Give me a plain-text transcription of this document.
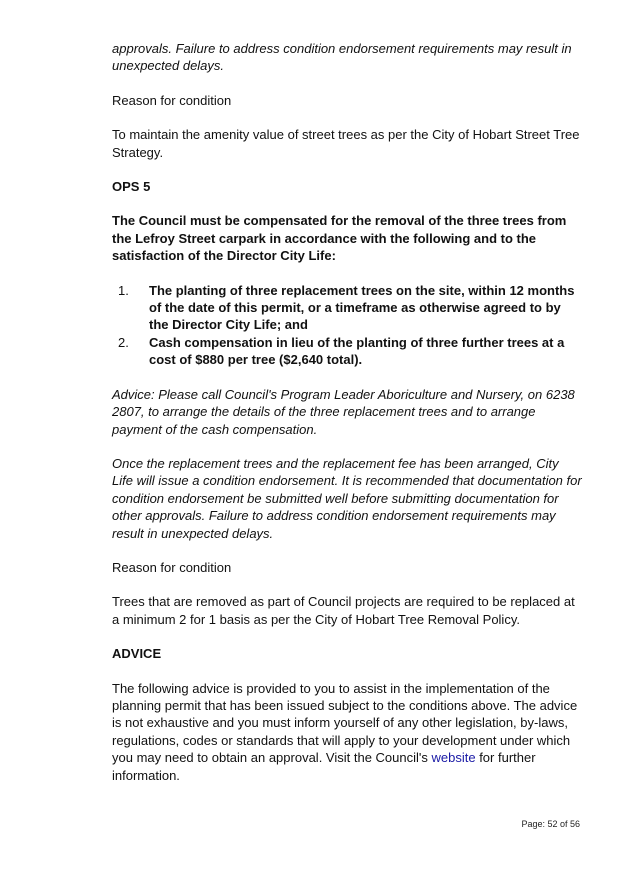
approvals. Failure to address condition endorsement requirements may result in unexpected delays.

Reason for condition

To maintain the amenity value of street trees as per the City of Hobart Street Tree Strategy.

OPS 5

The Council must be compensated for the removal of the three trees from the Lefroy Street carpark in accordance with the following and to the satisfaction of the Director City Life:

1.	The planting of three replacement trees on the site, within 12 months of the date of this permit, or a timeframe as otherwise agreed to by the Director City Life; and
2.	Cash compensation in lieu of the planting of three further trees at a cost of $880 per tree ($2,640 total).

Advice: Please call Council's Program Leader Aboriculture and Nursery, on 6238 2807, to arrange the details of the three replacement trees and to arrange payment of the cash compensation.

Once the replacement trees and the replacement fee has been arranged, City Life will issue a condition endorsement. It is recommended that documentation for condition endorsement be submitted well before submitting documentation for other approvals. Failure to address condition endorsement requirements may result in unexpected delays.

Reason for condition

Trees that are removed as part of Council projects are required to be replaced at a minimum 2 for 1 basis as per the City of Hobart Tree Removal Policy.

ADVICE

The following advice is provided to you to assist in the implementation of the planning permit that has been issued subject to the conditions above. The advice is not exhaustive and you must inform yourself of any other legislation, by-laws, regulations, codes or standards that will apply to your development under which you may need to obtain an approval. Visit the Council's website for further information.

Page: 52 of 56
